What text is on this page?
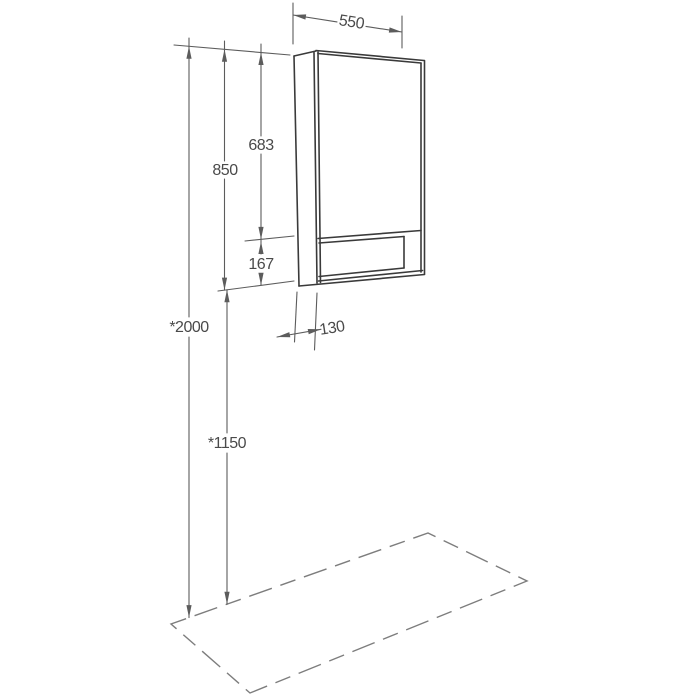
550
683
167
850
*2000
*1150
130
